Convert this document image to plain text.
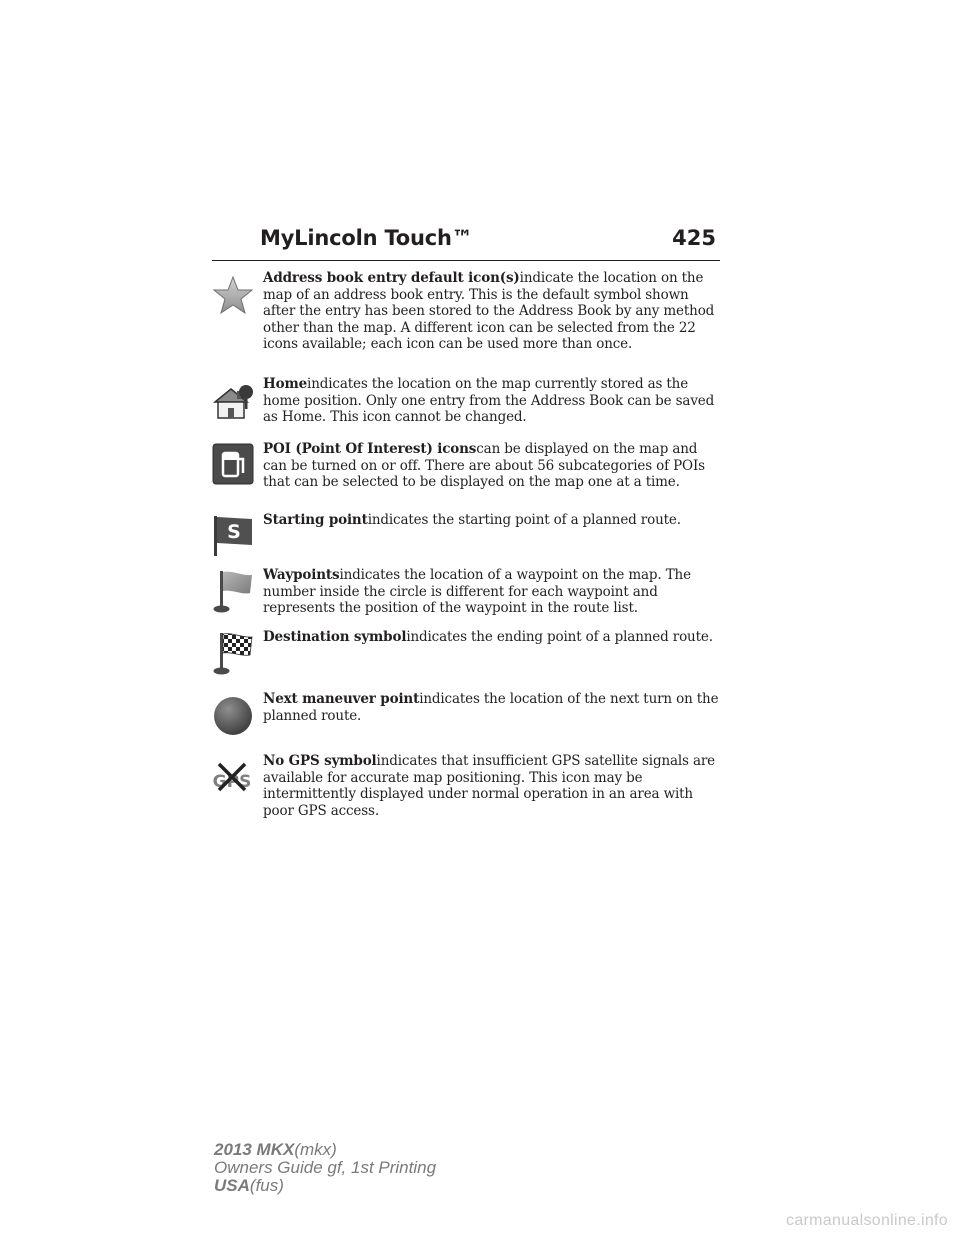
MyLincoln Touch™	425
Address book entry default icon(s)indicate the location on the map of an address book entry. This is the default symbol shown after the entry has been stored to the Address Book by any method other than the map. A different icon can be selected from the 22 icons available; each icon can be used more than once.
Homeindicates the location on the map currently stored as the home position. Only one entry from the Address Book can be saved as Home. This icon cannot be changed.
POI (Point Of Interest) iconscan be displayed on the map and can be turned on or off. There are about 56 subcategories of POIs that can be selected to be displayed on the map one at a time.
S
Starting pointindicates the starting point of a planned route.
Waypointsindicates the location of a waypoint on the map. The number inside the circle is different for each waypoint and represents the position of the waypoint in the route list.
Destination symbolindicates the ending point of a planned route.
Next maneuver pointindicates the location of the next turn on the planned route.
GPS
No GPS symbolindicates that insufficient GPS satellite signals are available for accurate map positioning. This icon may be intermittently displayed under normal operation in an area with poor GPS access.
2013 MKX(mkx)
Owners Guide gf, 1st Printing
USA(fus)
carmanualsonline.info
